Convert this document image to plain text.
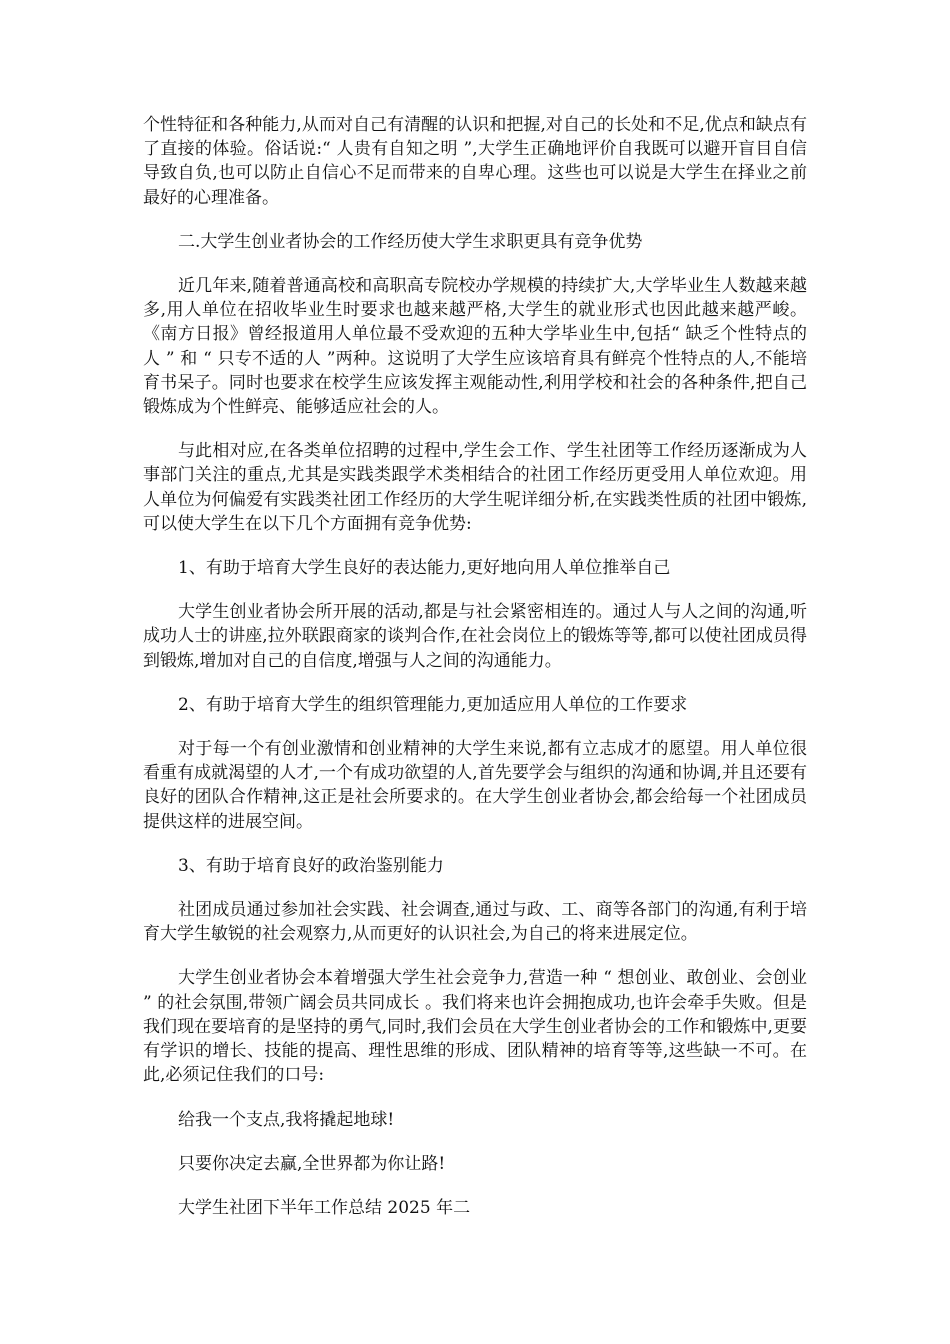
个性特征和各种能力,从而对自己有清醒的认识和把握,对自己的长处和不足,优点和缺点有了直接的体验。俗话说:“ 人贵有自知之明 ”,大学生正确地评价自我既可以避开盲目自信导致自负,也可以防止自信心不足而带来的自卑心理。这些也可以说是大学生在择业之前最好的心理准备。

二.大学生创业者协会的工作经历使大学生求职更具有竞争优势

近几年来,随着普通高校和高职高专院校办学规模的持续扩大,大学毕业生人数越来越多,用人单位在招收毕业生时要求也越来越严格,大学生的就业形式也因此越来越严峻。《南方日报》曾经报道用人单位最不受欢迎的五种大学毕业生中,包括“ 缺乏个性特点的人 ” 和 “ 只专不适的人 ”两种。这说明了大学生应该培育具有鲜亮个性特点的人,不能培育书呆子。同时也要求在校学生应该发挥主观能动性,利用学校和社会的各种条件,把自己锻炼成为个性鲜亮、能够适应社会的人。

与此相对应,在各类单位招聘的过程中,学生会工作、学生社团等工作经历逐渐成为人事部门关注的重点,尤其是实践类跟学术类相结合的社团工作经历更受用人单位欢迎。用人单位为何偏爱有实践类社团工作经历的大学生呢详细分析,在实践类性质的社团中锻炼,可以使大学生在以下几个方面拥有竞争优势:

1、有助于培育大学生良好的表达能力,更好地向用人单位推举自己

大学生创业者协会所开展的活动,都是与社会紧密相连的。通过人与人之间的沟通,听成功人士的讲座,拉外联跟商家的谈判合作,在社会岗位上的锻炼等等,都可以使社团成员得到锻炼,增加对自己的自信度,增强与人之间的沟通能力。

2、有助于培育大学生的组织管理能力,更加适应用人单位的工作要求

对于每一个有创业激情和创业精神的大学生来说,都有立志成才的愿望。用人单位很看重有成就渴望的人才,一个有成功欲望的人,首先要学会与组织的沟通和协调,并且还要有良好的团队合作精神,这正是社会所要求的。在大学生创业者协会,都会给每一个社团成员提供这样的进展空间。

3、有助于培育良好的政治鉴别能力

社团成员通过参加社会实践、社会调查,通过与政、工、商等各部门的沟通,有利于培育大学生敏锐的社会观察力,从而更好的认识社会,为自己的将来进展定位。

大学生创业者协会本着增强大学生社会竞争力,营造一种 “ 想创业、敢创业、会创业 ” 的社会氛围,带领广阔会员共同成长 。我们将来也许会拥抱成功,也许会牵手失败。但是我们现在要培育的是坚持的勇气,同时,我们会员在大学生创业者协会的工作和锻炼中,更要有学识的增长、技能的提高、理性思维的形成、团队精神的培育等等,这些缺一不可。在此,必须记住我们的口号:

给我一个支点,我将撬起地球!

只要你决定去赢,全世界都为你让路!

大学生社团下半年工作总结 2025 年二
